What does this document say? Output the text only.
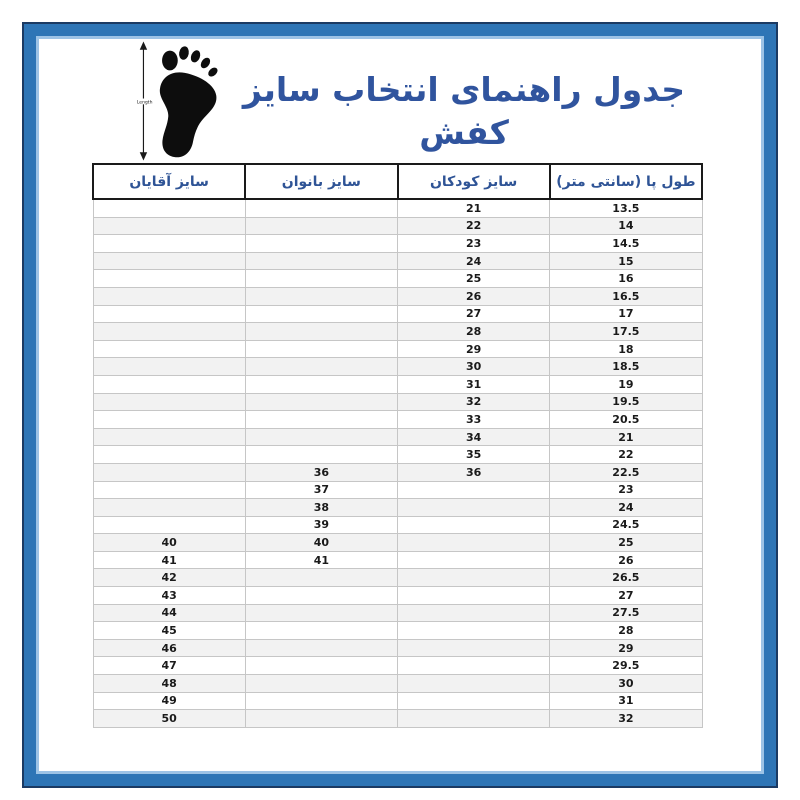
Length	جدول راهنمای انتخاب سایز کفش
سایز آقایان	سایز بانوان	سایز کودکان	طول پا (سانتی متر)
		21	13.5
		22	14
		23	14.5
		24	15
		25	16
		26	16.5
		27	17
		28	17.5
		29	18
		30	18.5
		31	19
		32	19.5
		33	20.5
		34	21
		35	22
	36	36	22.5
	37		23
	38		24
	39		24.5
40	40		25
41	41		26
42			26.5
43			27
44			27.5
45			28
46			29
47			29.5
48			30
49			31
50			32
